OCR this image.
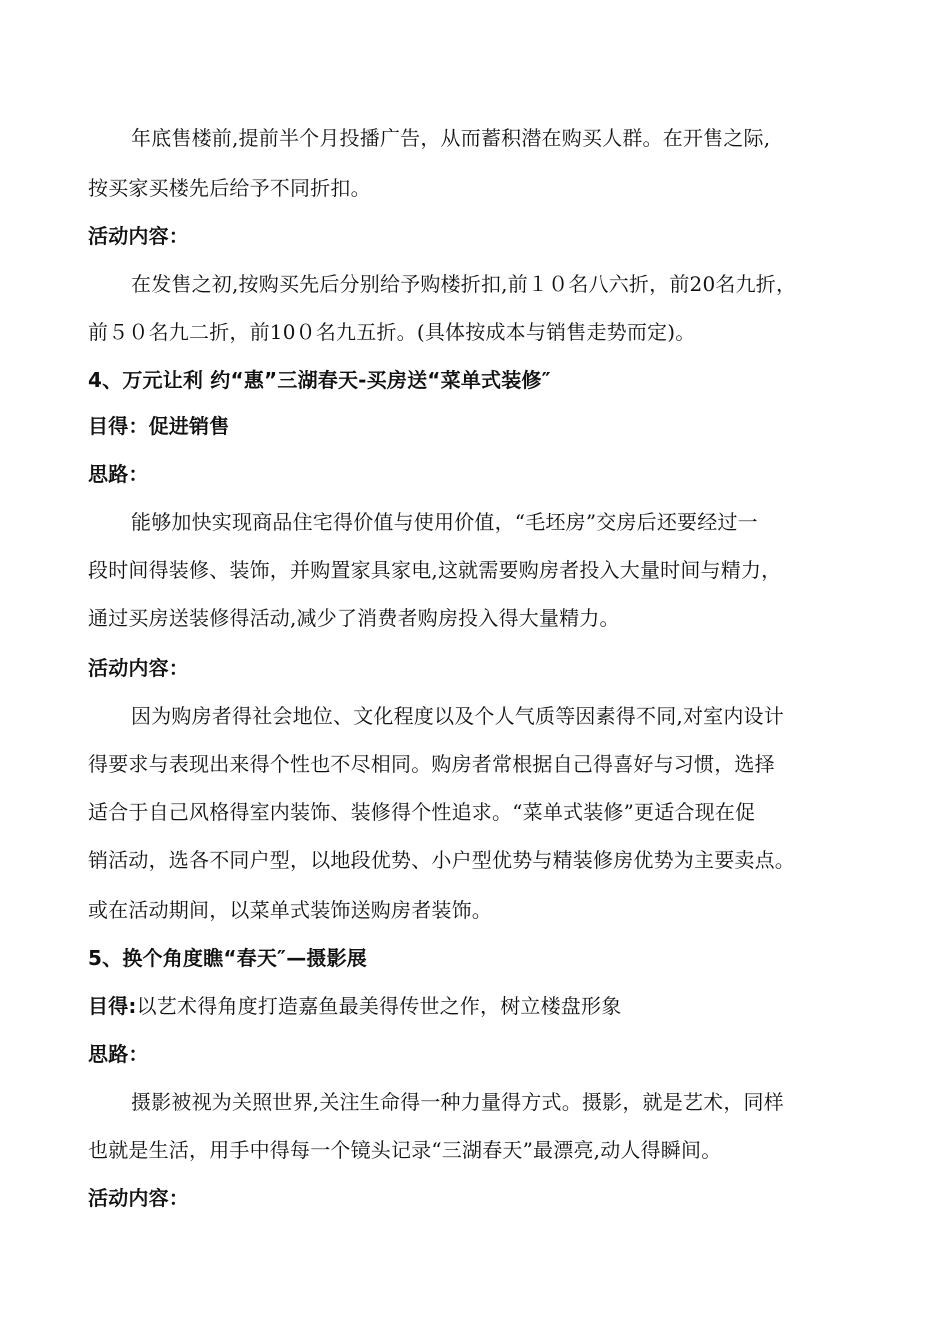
年底售楼前,提前半个月投播广告，从而蓄积潜在购买人群。在开售之际,
按买家买楼先后给予不同折扣。
活动内容：
在发售之初,按购买先后分别给予购楼折扣,前１０名八六折，前20名九折，
前５０名九二折，前10０名九五折。(具体按成本与销售走势而定)。
4、万元让利 约“惠”三湖春天-买房送“菜单式装修″
目得：促进销售
思路：
能够加快实现商品住宅得价值与使用价值，“毛坯房”交房后还要经过一
段时间得装修、装饰，并购置家具家电,这就需要购房者投入大量时间与精力，
通过买房送装修得活动,减少了消费者购房投入得大量精力。
活动内容：
因为购房者得社会地位、文化程度以及个人气质等因素得不同,对室内设计
得要求与表现出来得个性也不尽相同。购房者常根据自己得喜好与习惯，选择
适合于自己风格得室内装饰、装修得个性追求。“菜单式装修”更适合现在促
销活动，选各不同户型，以地段优势、小户型优势与精装修房优势为主要卖点。
或在活动期间，以菜单式装饰送购房者装饰。
5、换个角度瞧“春天″—摄影展
目得:以艺术得角度打造嘉鱼最美得传世之作，树立楼盘形象
思路：
摄影被视为关照世界,关注生命得一种力量得方式。摄影，就是艺术，同样
也就是生活，用手中得每一个镜头记录“三湖春天”最漂亮,动人得瞬间。
活动内容：
